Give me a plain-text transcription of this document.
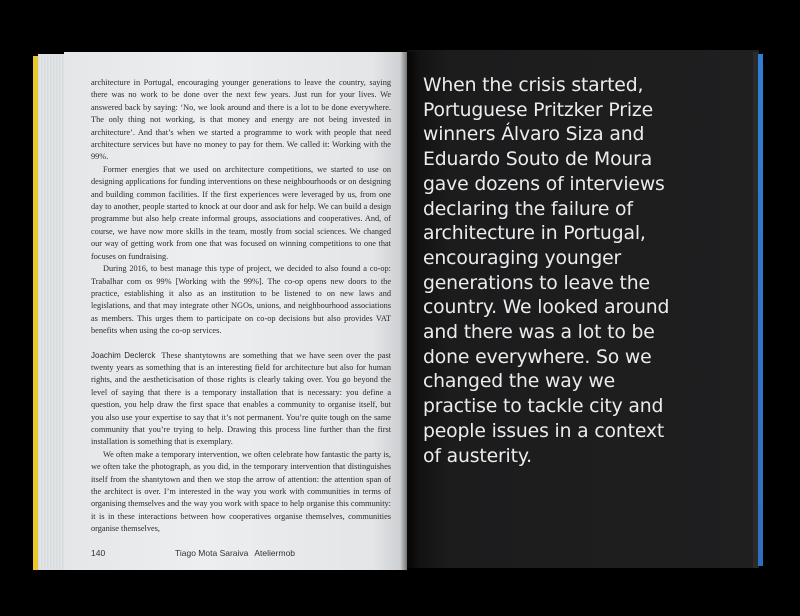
architecture in Portugal, encouraging younger generations to leave the country, saying there was no work to be done over the next few years. Just run for your lives. We answered back by saying: ‘No, we look around and there is a lot to be done everywhere. The only thing not working, is that money and energy are not being invested in architecture’. And that’s when we started a programme to work with people that need architecture services but have no money to pay for them. We called it: Working with the 99%.

Former energies that we used on architecture competitions, we started to use on designing applications for funding interventions on these neighbourhoods or on designing and building common facilities. If the first experiences were leveraged by us, from one day to another, people started to knock at our door and ask for help. We can build a design programme but also help create informal groups, associations and cooperatives. And, of course, we have now more skills in the team, mostly from social sciences. We changed our way of getting work from one that was focused on winning competitions to one that focuses on fundraising.

During 2016, to best manage this type of project, we decided to also found a co-op: Trabalhar com os 99% [Working with the 99%]. The co-op opens new doors to the practice, establishing it also as an institution to be listened to on new laws and legislations, and that may integrate other NGOs, unions, and neighbourhood associations as members. This urges them to participate on co-op decisions but also provides VAT benefits when using the co-op services.

Joachim Declerck These shantytowns are something that we have seen over the past twenty years as something that is an interesting field for architecture but also for human rights, and the aestheticisation of those rights is clearly taking over. You go beyond the level of saying that there is a temporary installation that is necessary: you define a question, you help draw the first space that enables a community to organise itself, but you also use your expertise to say that it’s not permanent. You’re quite tough on the same community that you’re trying to help. Drawing this process line further than the first installation is something that is exemplary.

We often make a temporary intervention, we often celebrate how fantastic the party is, we often take the photograph, as you did, in the temporary intervention that distinguishes itself from the shantytown and then we stop the arrow of attention: the attention span of the architect is over. I’m interested in the way you work with communities in terms of organising themselves and the way you work with space to help organise this community: it is in these interactions between how cooperatives organise themselves, communities organise themselves,

140	Tiago Mota Saraiva Ateliermob

When the crisis started,
Portuguese Pritzker Prize
winners Álvaro Siza and
Eduardo Souto de Moura
gave dozens of interviews
declaring the failure of
architecture in Portugal,
encouraging younger
generations to leave the
country. We looked around
and there was a lot to be
done everywhere. So we
changed the way we
practise to tackle city and
people issues in a context
of austerity.
